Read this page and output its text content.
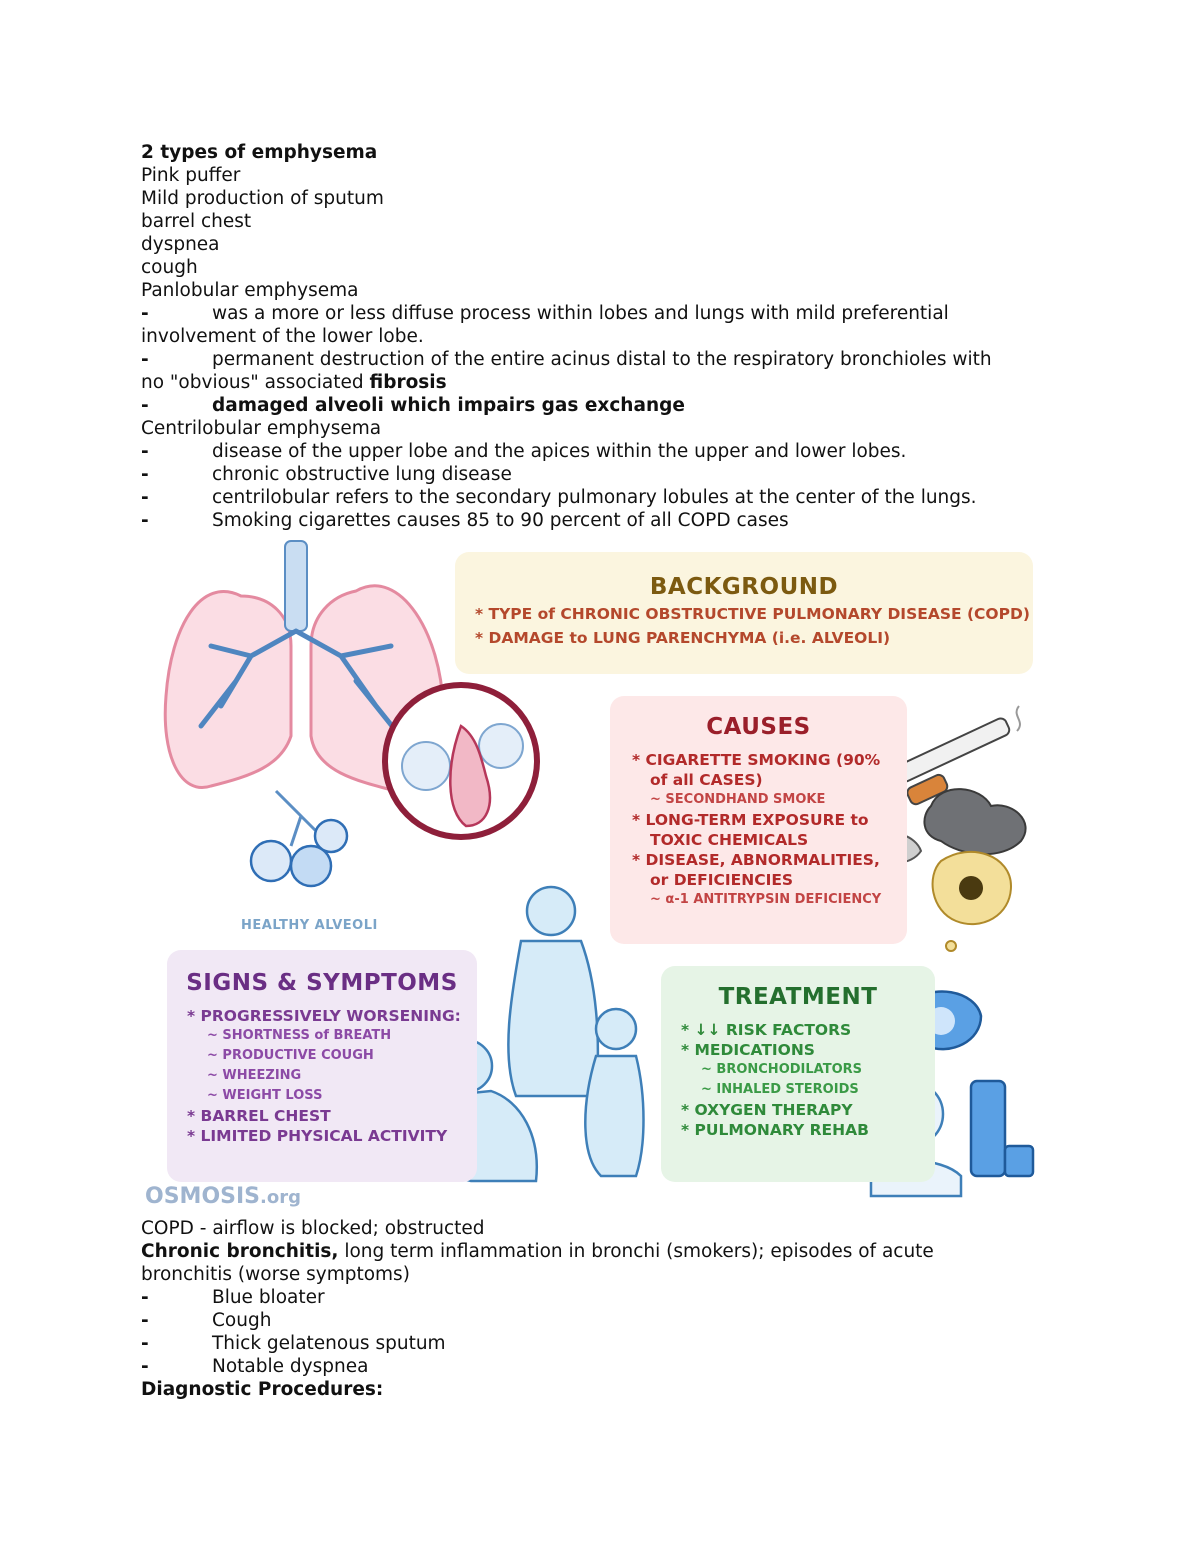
2 types of emphysema
Pink puffer
Mild production of sputum
barrel chest
dyspnea
cough
Panlobular emphysema
-	was a more or less diffuse process within lobes and lungs with mild preferential
involvement of the lower lobe.
-	permanent destruction of the entire acinus distal to the respiratory bronchioles with
no "obvious" associated fibrosis
-	damaged alveoli which impairs gas exchange
Centrilobular emphysema
-	disease of the upper lobe and the apices within the upper and lower lobes.
-	chronic obstructive lung disease
-	centrilobular refers to the secondary pulmonary lobules at the center of the lungs.
-	Smoking cigarettes causes 85 to 90 percent of all COPD cases
BACKGROUND
* TYPE of CHRONIC OBSTRUCTIVE PULMONARY DISEASE (COPD)
* DAMAGE to LUNG PARENCHYMA (i.e. ALVEOLI)
CAUSES
* CIGARETTE SMOKING (90%
of all CASES)
~ SECONDHAND SMOKE
* LONG-TERM EXPOSURE to
TOXIC CHEMICALS
* DISEASE, ABNORMALITIES,
or DEFICIENCIES
~ α-1 ANTITRYPSIN DEFICIENCY
HEALTHY ALVEOLI
SIGNS & SYMPTOMS
* PROGRESSIVELY WORSENING:
~ SHORTNESS of BREATH
~ PRODUCTIVE COUGH
~ WHEEZING
~ WEIGHT LOSS
* BARREL CHEST
* LIMITED PHYSICAL ACTIVITY
TREATMENT
* ↓↓ RISK FACTORS
* MEDICATIONS
~ BRONCHODILATORS
~ INHALED STEROIDS
* OXYGEN THERAPY
* PULMONARY REHAB
OSMOSIS.org
COPD - airflow is blocked; obstructed
Chronic bronchitis, long term inflammation in bronchi (smokers); episodes of acute
bronchitis (worse symptoms)
-	Blue bloater
-	Cough
-	Thick gelatenous sputum
-	Notable dyspnea
Diagnostic Procedures:
